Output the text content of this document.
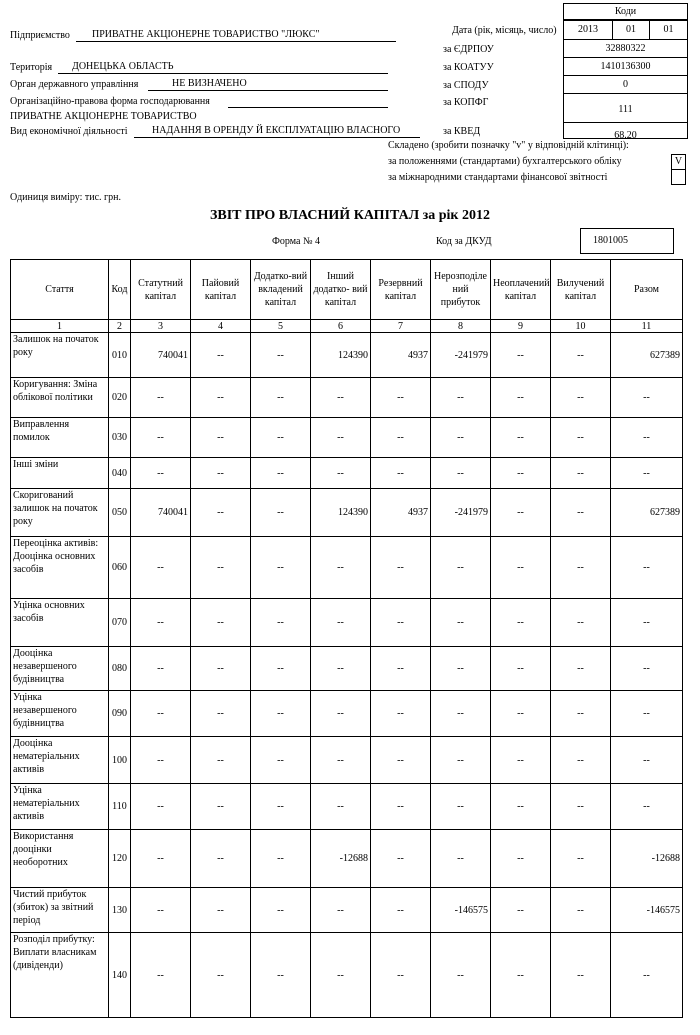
Підприємство ПРИВАТНЕ АКЦІОНЕРНЕ ТОВАРИСТВО "ЛЮКС"
Територія ДОНЕЦЬКА ОБЛАСТЬ
Орган державного управління	НЕ ВИЗНАЧЕНО
Організаційно-правова форма господарювання
ПРИВАТНЕ АКЦІОНЕРНЕ ТОВАРИСТВО
Вид економічної діяльності НАДАННЯ В ОРЕНДУ Й ЕКСПЛУАТАЦІЮ ВЛАСНОГО
Коди
Дата (рік, місяць, число)	2013	01	01
за ЄДРПОУ	32880322
за КОАТУУ	1410136300
за СПОДУ	0
за КОПФГ
111
за КВЕД	68.20
Складено (зробити позначку "v" у відповідній клітинці):
за положеннями (стандартами) бухгалтерського обліку	V
за міжнародними стандартами фінансової звітності
Одиниця виміру: тис. грн.
ЗВІТ ПРО ВЛАСНИЙ КАПІТАЛ за рік 2012
Форма № 4	Код за ДКУД	1801005
Стаття	Код	Статутний капітал	Пайовий капітал	Додатко-вий вкладений капітал	Інший додатко- вий капітал	Резервний капітал	Нерозподіле ний прибуток	Неоплачений капітал	Вилучений капітал	Разом
1	2	3	4	5	6	7	8	9	10	11
Залишок на початок року	010	740041	--	--	124390	4937	-241979	--	--	627389
Коригування: Зміна облікової політики	020	--	--	--	--	--	--	--	--	--
Виправлення помилок	030	--	--	--	--	--	--	--	--	--
Інші зміни	040	--	--	--	--	--	--	--	--	--
Скоригований залишок на початок року	050	740041	--	--	124390	4937	-241979	--	--	627389
Переоцінка активів: Дооцінка основних засобів	060	--	--	--	--	--	--	--	--	--
Уцінка основних засобів	070	--	--	--	--	--	--	--	--	--
Дооцінка незавершеного будівництва	080	--	--	--	--	--	--	--	--	--
Уцінка незавершеного будівництва	090	--	--	--	--	--	--	--	--	--
Дооцінка нематеріальних активів	100	--	--	--	--	--	--	--	--	--
Уцінка нематеріальних активів	110	--	--	--	--	--	--	--	--	--
Використання дооцінки необоротних	120	--	--	--	-12688	--	--	--	--	-12688
Чистий прибуток (збиток) за звітний період	130	--	--	--	--	--	-146575	--	--	-146575
Розподіл прибутку: Виплати власникам (дивіденди)	140	--	--	--	--	--	--	--	--	--
